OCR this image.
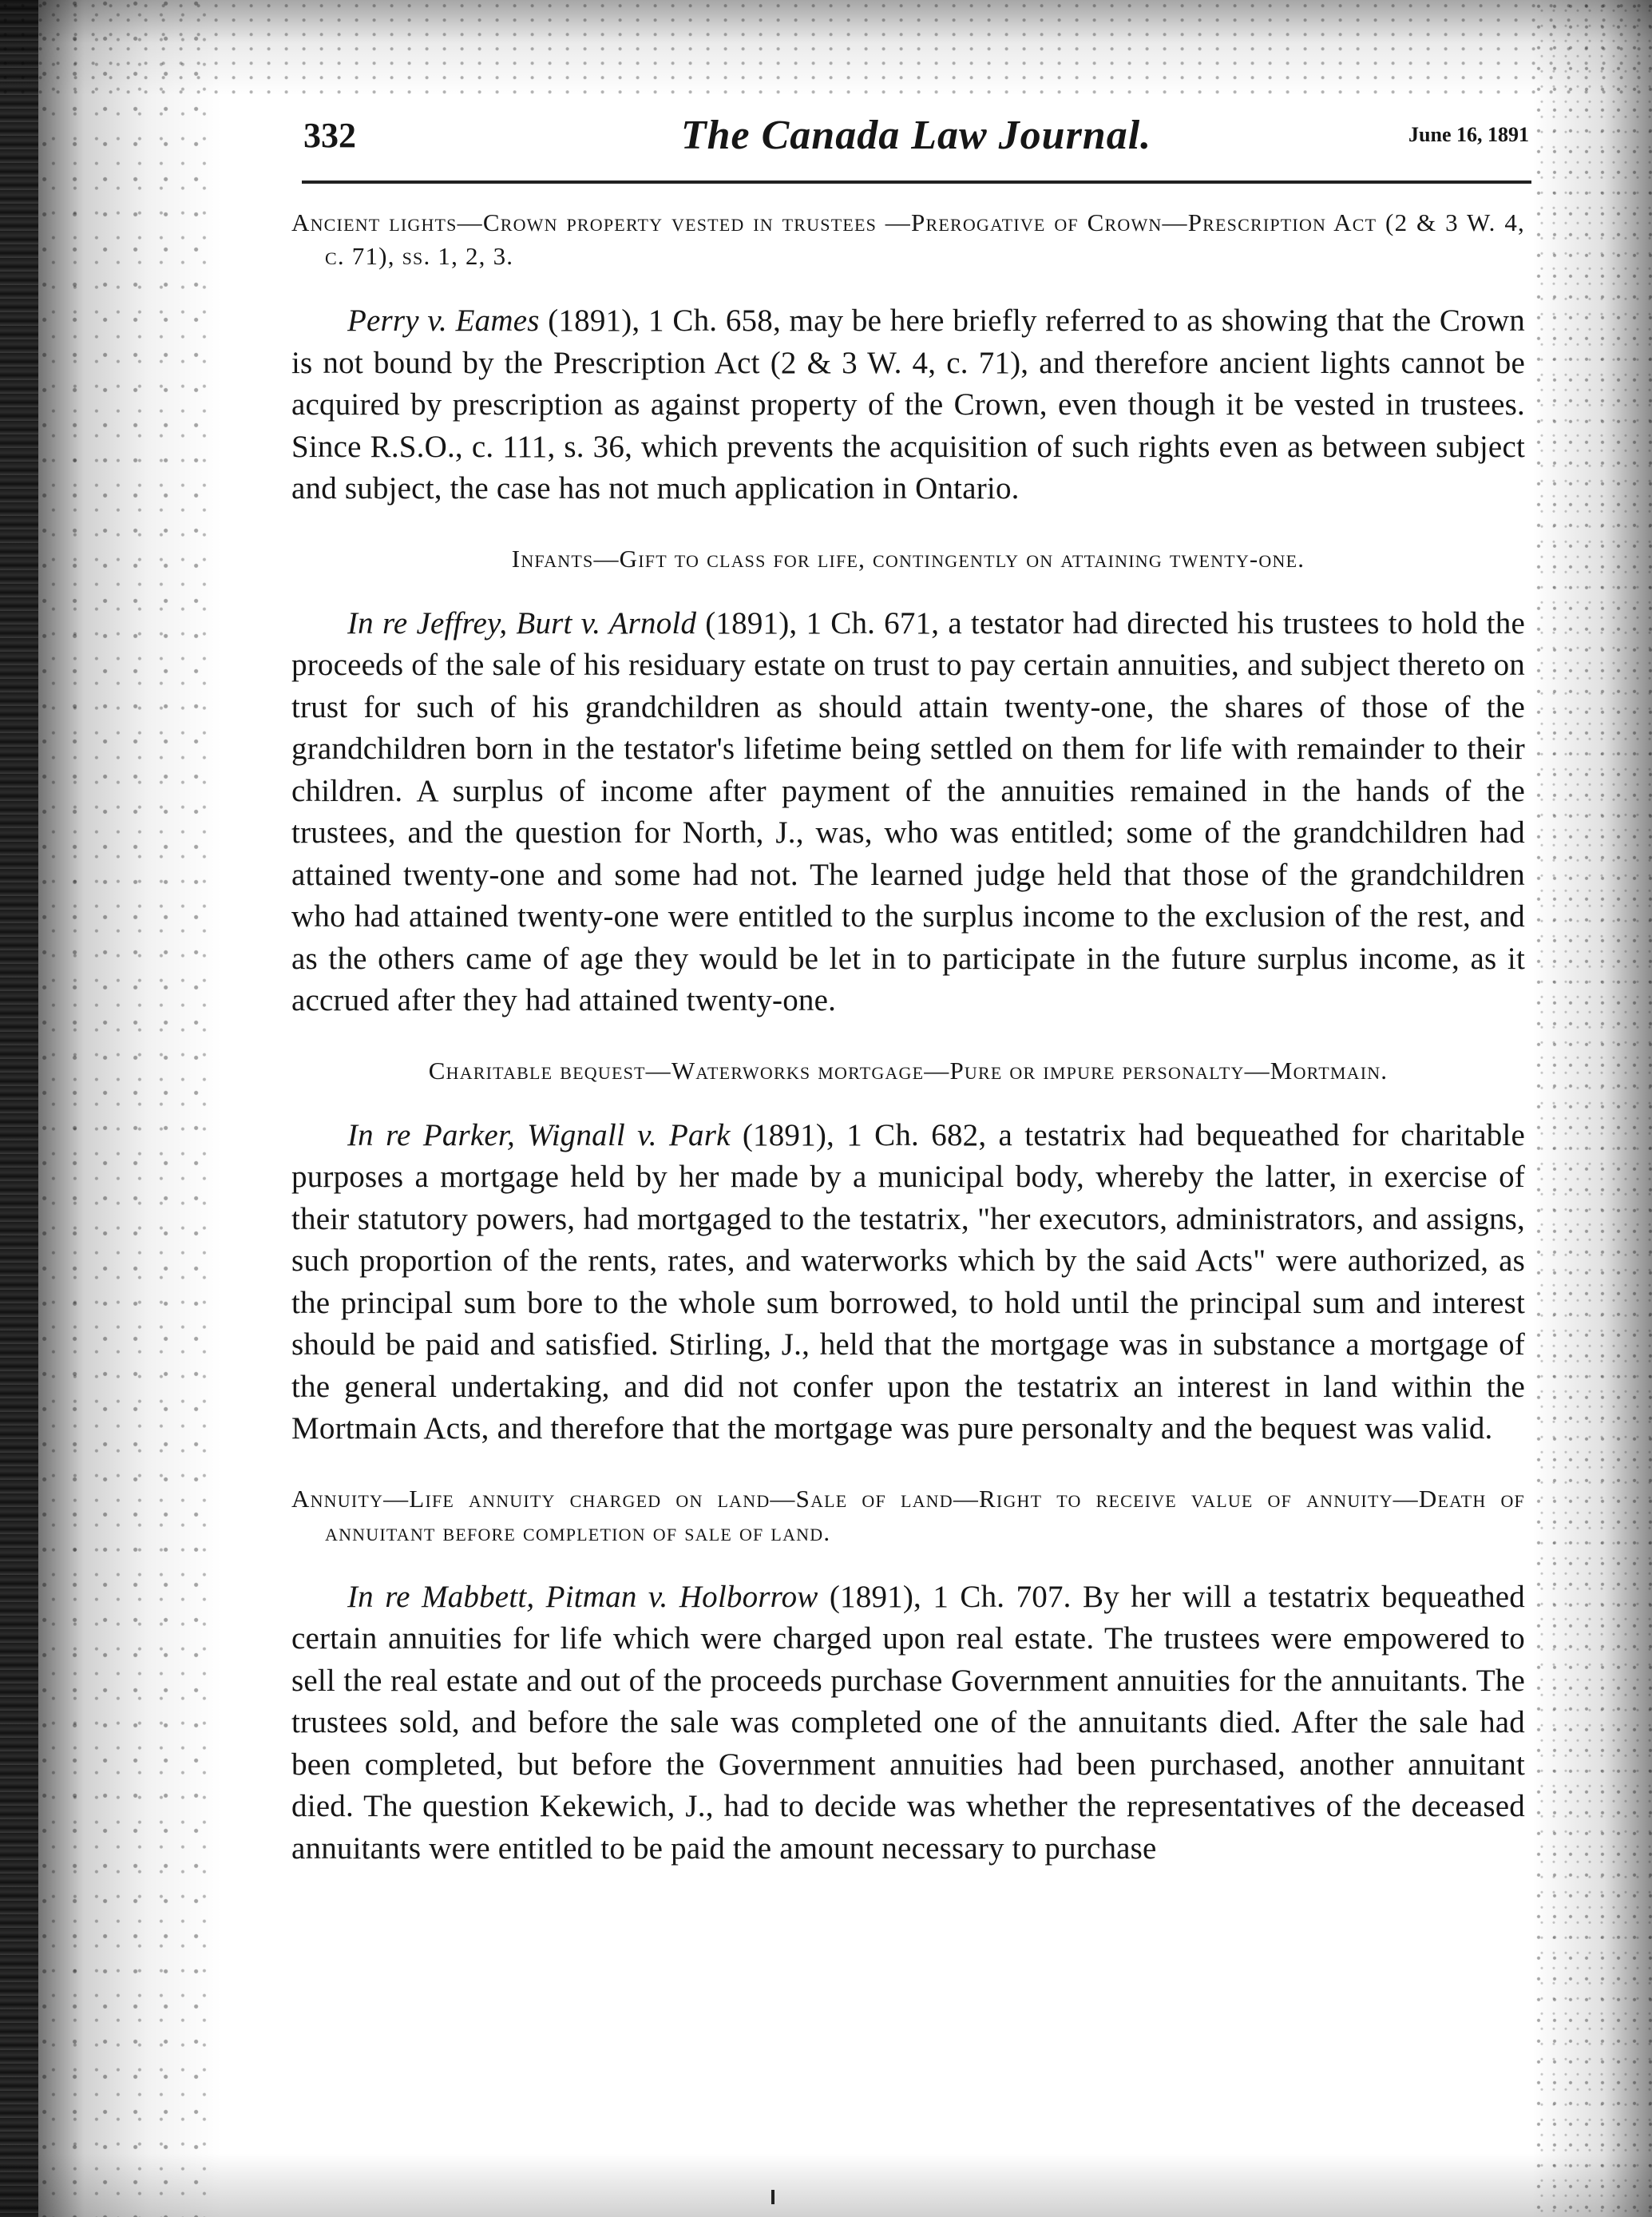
332	The Canada Law Journal.	June 16, 1891

Ancient lights—Crown property vested in trustees —Prerogative of Crown—Prescription Act (2 & 3 W. 4, c. 71), ss. 1, 2, 3.

Perry v. Eames (1891), 1 Ch. 658, may be here briefly referred to as showing that the Crown is not bound by the Prescription Act (2 & 3 W. 4, c. 71), and therefore ancient lights cannot be acquired by prescription as against property of the Crown, even though it be vested in trustees. Since R.S.O., c. 111, s. 36, which prevents the acquisition of such rights even as between subject and subject, the case has not much application in Ontario.

Infants—Gift to class for life, contingently on attaining twenty-one.

In re Jeffrey, Burt v. Arnold (1891), 1 Ch. 671, a testator had directed his trustees to hold the proceeds of the sale of his residuary estate on trust to pay certain annuities, and subject thereto on trust for such of his grandchildren as should attain twenty-one, the shares of those of the grandchildren born in the testator's lifetime being settled on them for life with remainder to their children. A surplus of income after payment of the annuities remained in the hands of the trustees, and the question for North, J., was, who was entitled; some of the grandchildren had attained twenty-one and some had not. The learned judge held that those of the grandchildren who had attained twenty-one were entitled to the surplus income to the exclusion of the rest, and as the others came of age they would be let in to participate in the future surplus income, as it accrued after they had attained twenty-one.

Charitable bequest—Waterworks mortgage—Pure or impure personalty—Mortmain.

In re Parker, Wignall v. Park (1891), 1 Ch. 682, a testatrix had bequeathed for charitable purposes a mortgage held by her made by a municipal body, whereby the latter, in exercise of their statutory powers, had mortgaged to the testatrix, "her executors, administrators, and assigns, such proportion of the rents, rates, and waterworks which by the said Acts" were authorized, as the principal sum bore to the whole sum borrowed, to hold until the principal sum and interest should be paid and satisfied. Stirling, J., held that the mortgage was in substance a mortgage of the general undertaking, and did not confer upon the testatrix an interest in land within the Mortmain Acts, and therefore that the mortgage was pure personalty and the bequest was valid.

Annuity—Life annuity charged on land—Sale of land—Right to receive value of annuity—Death of annuitant before completion of sale of land.

In re Mabbett, Pitman v. Holborrow (1891), 1 Ch. 707. By her will a testatrix bequeathed certain annuities for life which were charged upon real estate. The trustees were empowered to sell the real estate and out of the proceeds purchase Government annuities for the annuitants. The trustees sold, and before the sale was completed one of the annuitants died. After the sale had been completed, but before the Government annuities had been purchased, another annuitant died. The question Kekewich, J., had to decide was whether the representatives of the deceased annuitants were entitled to be paid the amount necessary to purchase
